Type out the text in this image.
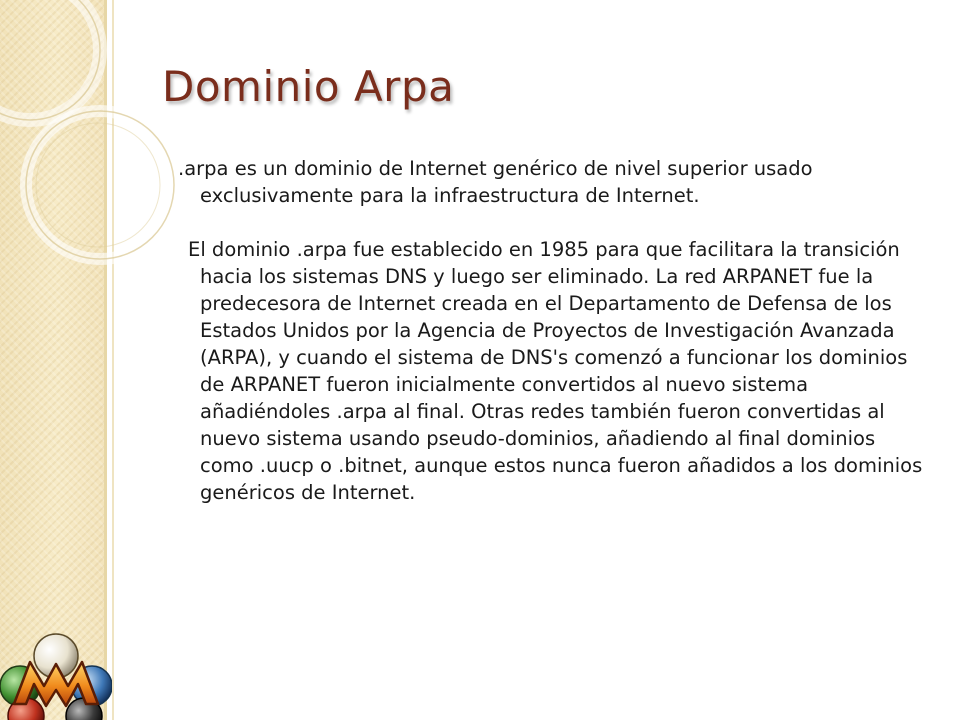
Dominio Arpa

.arpa es un dominio de Internet genérico de nivel superior usado exclusivamente para la infraestructura de Internet.

El dominio .arpa fue establecido en 1985 para que facilitara la transición hacia los sistemas DNS y luego ser eliminado. La red ARPANET fue la predecesora de Internet creada en el Departamento de Defensa de los Estados Unidos por la Agencia de Proyectos de Investigación Avanzada (ARPA), y cuando el sistema de DNS's comenzó a funcionar los dominios de ARPANET fueron inicialmente convertidos al nuevo sistema añadiéndoles .arpa al final. Otras redes también fueron convertidas al nuevo sistema usando pseudo-dominios, añadiendo al final dominios como .uucp o .bitnet, aunque estos nunca fueron añadidos a los dominios genéricos de Internet.
